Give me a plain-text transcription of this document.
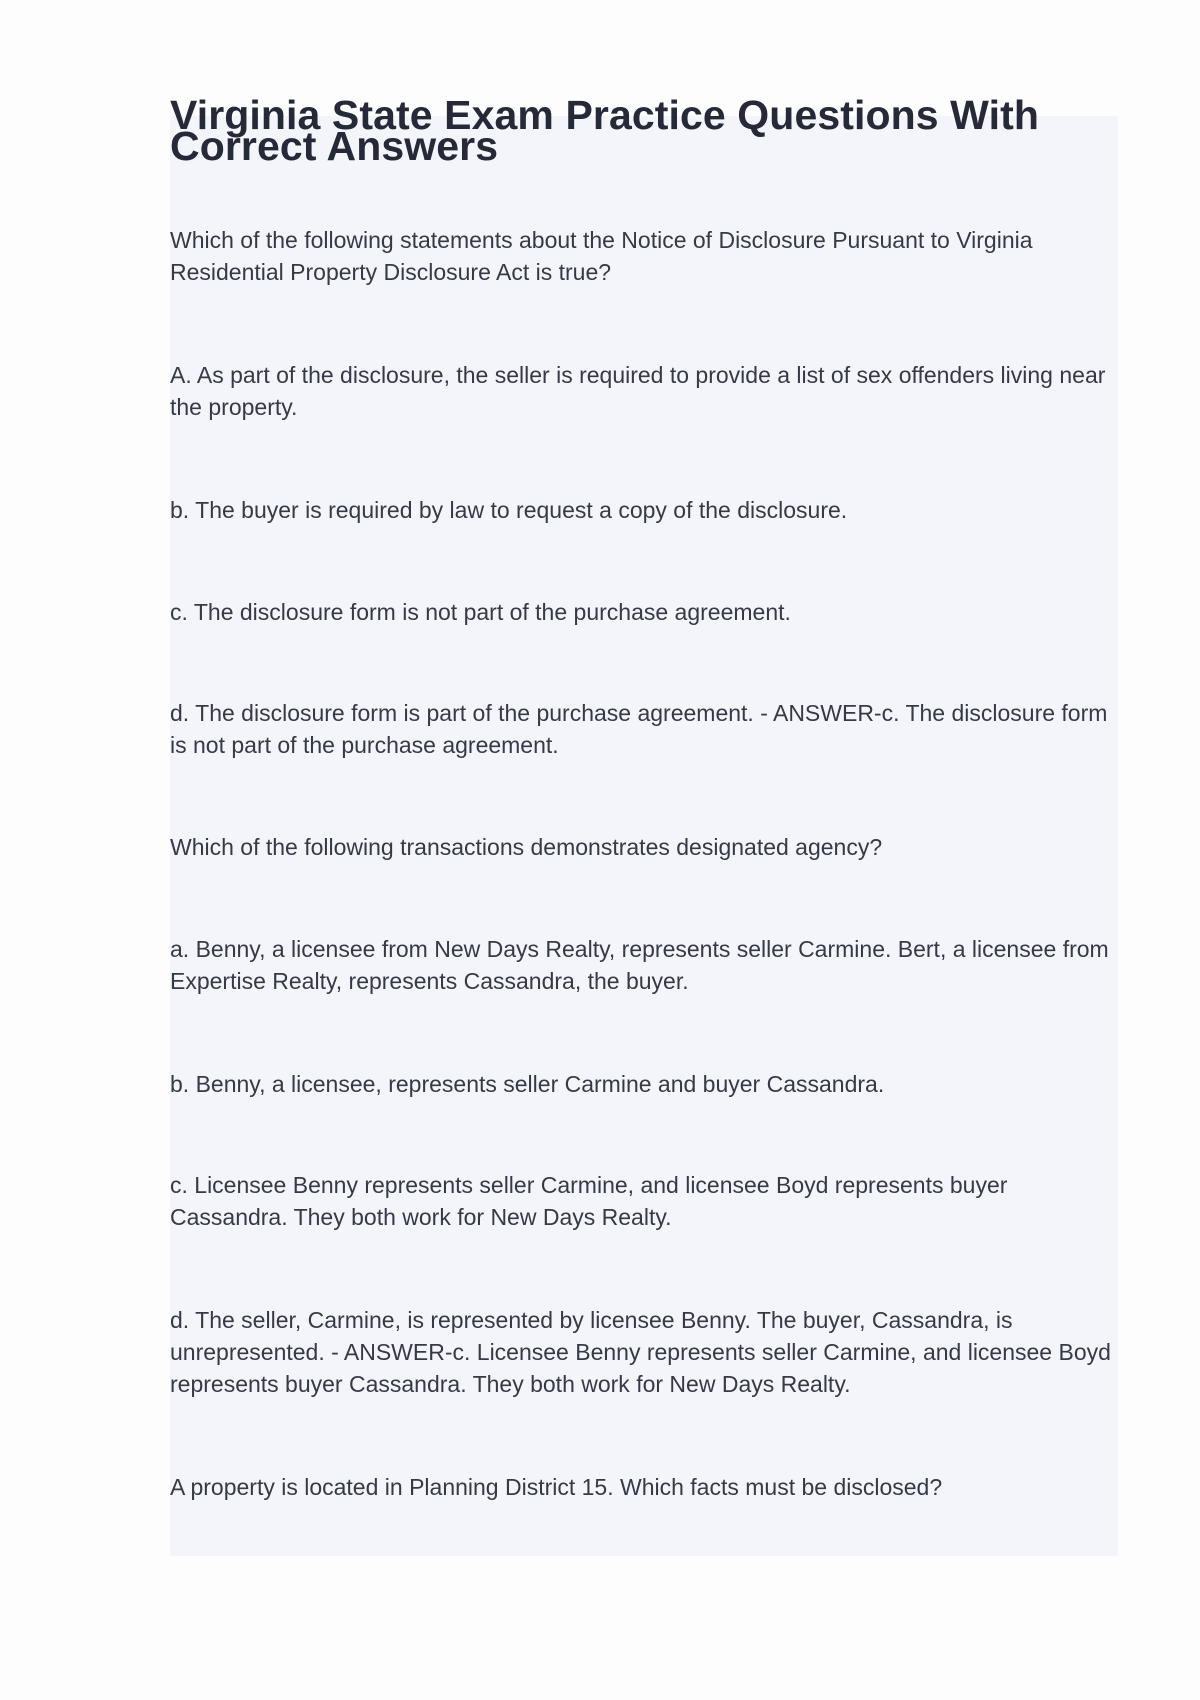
Virginia State Exam Practice Questions With Correct Answers

Which of the following statements about the Notice of Disclosure Pursuant to Virginia Residential Property Disclosure Act is true?

A. As part of the disclosure, the seller is required to provide a list of sex offenders living near the property.

b. The buyer is required by law to request a copy of the disclosure.

c. The disclosure form is not part of the purchase agreement.

d. The disclosure form is part of the purchase agreement. - ANSWER-c. The disclosure form is not part of the purchase agreement.

Which of the following transactions demonstrates designated agency?

a. Benny, a licensee from New Days Realty, represents seller Carmine. Bert, a licensee from Expertise Realty, represents Cassandra, the buyer.

b. Benny, a licensee, represents seller Carmine and buyer Cassandra.

c. Licensee Benny represents seller Carmine, and licensee Boyd represents buyer Cassandra. They both work for New Days Realty.

d. The seller, Carmine, is represented by licensee Benny. The buyer, Cassandra, is unrepresented. - ANSWER-c. Licensee Benny represents seller Carmine, and licensee Boyd represents buyer Cassandra. They both work for New Days Realty.

A property is located in Planning District 15. Which facts must be disclosed?
